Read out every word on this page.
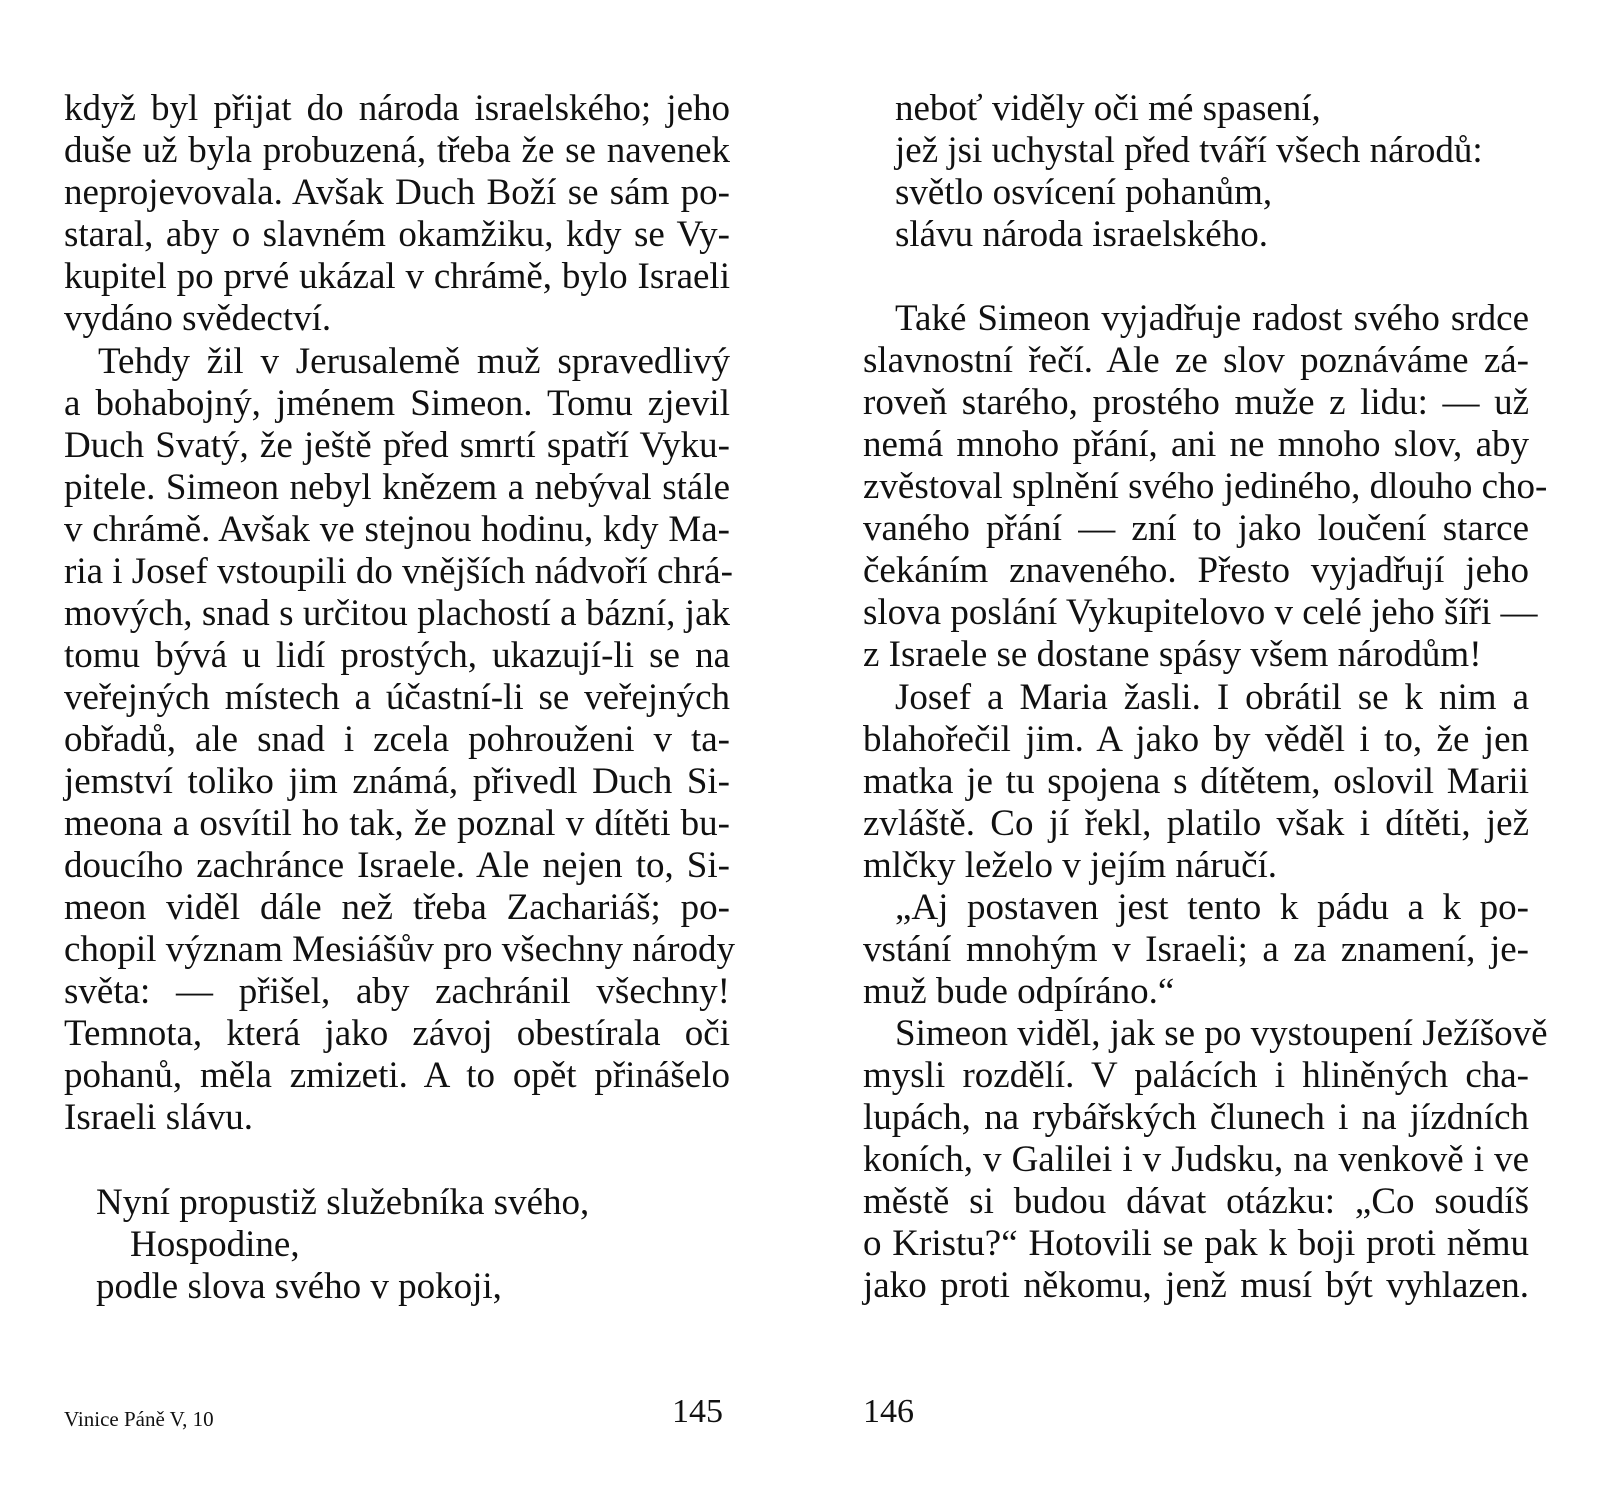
když byl přijat do národa israelského; jeho
duše už byla probuzená, třeba že se navenek
neprojevovala. Avšak Duch Boží se sám po-
staral, aby o slavném okamžiku, kdy se Vy-
kupitel po prvé ukázal v chrámě, bylo Israeli
vydáno svědectví.
Tehdy žil v Jerusalemě muž spravedlivý
a bohabojný, jménem Simeon. Tomu zjevil
Duch Svatý, že ještě před smrtí spatří Vyku-
pitele. Simeon nebyl knězem a nebýval stále
v chrámě. Avšak ve stejnou hodinu, kdy Ma-
ria i Josef vstoupili do vnějších nádvoří chrá-
mových, snad s určitou plachostí a bázní, jak
tomu bývá u lidí prostých, ukazují-li se na
veřejných místech a účastní-li se veřejných
obřadů, ale snad i zcela pohrouženi v ta-
jemství toliko jim známá, přivedl Duch Si-
meona a osvítil ho tak, že poznal v dítěti bu-
doucího zachránce Israele. Ale nejen to, Si-
meon viděl dále než třeba Zachariáš; po-
chopil význam Mesiášův pro všechny národy
světa: — přišel, aby zachránil všechny!
Temnota, která jako závoj obestírala oči
pohanů, měla zmizeti. A to opět přinášelo
Israeli slávu.
Nyní propustiž služebníka svého,
Hospodine,
podle slova svého v pokoji,
Vinice Páně V, 10	145
neboť viděly oči mé spasení,
jež jsi uchystal před tváří všech národů:
světlo osvícení pohanům,
slávu národa israelského.
Také Simeon vyjadřuje radost svého srdce
slavnostní řečí. Ale ze slov poznáváme zá-
roveň starého, prostého muže z lidu: — už
nemá mnoho přání, ani ne mnoho slov, aby
zvěstoval splnění svého jediného, dlouho cho-
vaného přání — zní to jako loučení starce
čekáním znaveného. Přesto vyjadřují jeho
slova poslání Vykupitelovo v celé jeho šíři —
z Israele se dostane spásy všem národům!
Josef a Maria žasli. I obrátil se k nim a
blahořečil jim. A jako by věděl i to, že jen
matka je tu spojena s dítětem, oslovil Marii
zvláště. Co jí řekl, platilo však i dítěti, jež
mlčky leželo v jejím náručí.
„Aj postaven jest tento k pádu a k po-
vstání mnohým v Israeli; a za znamení, je-
muž bude odpíráno.“
Simeon viděl, jak se po vystoupení Ježíšově
mysli rozdělí. V palácích i hliněných cha-
lupách, na rybářských člunech i na jízdních
koních, v Galilei i v Judsku, na venkově i ve
městě si budou dávat otázku: „Co soudíš
o Kristu?“ Hotovili se pak k boji proti němu
jako proti někomu, jenž musí být vyhlazen.
146
